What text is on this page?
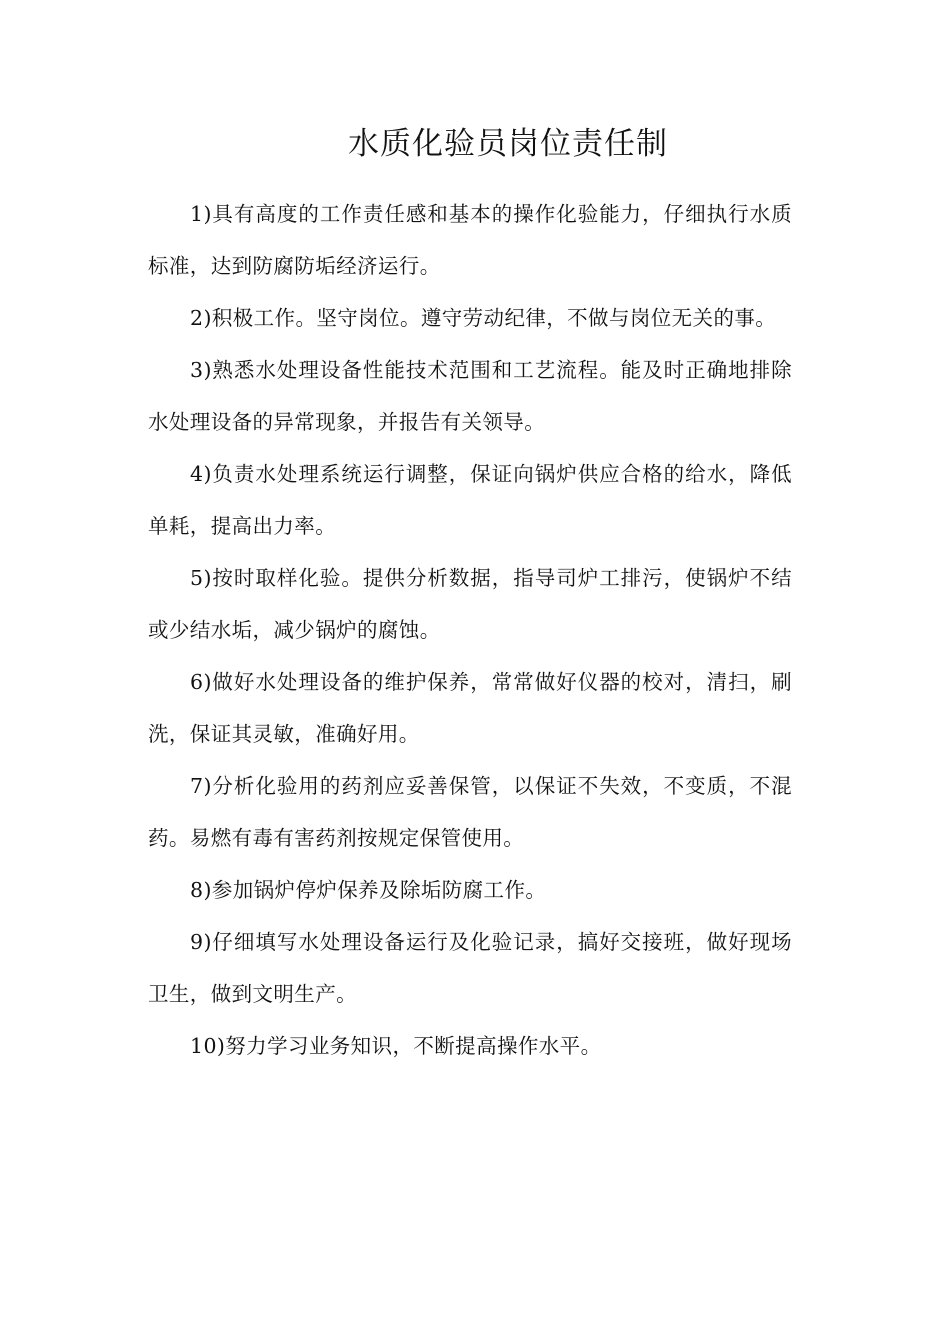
水质化验员岗位责任制

1)具有高度的工作责任感和基本的操作化验能力，仔细执行水质标准，达到防腐防垢经济运行。

2)积极工作。坚守岗位。遵守劳动纪律，不做与岗位无关的事。

3)熟悉水处理设备性能技术范围和工艺流程。能及时正确地排除水处理设备的异常现象，并报告有关领导。

4)负责水处理系统运行调整，保证向锅炉供应合格的给水，降低单耗，提高出力率。

5)按时取样化验。提供分析数据，指导司炉工排污，使锅炉不结或少结水垢，减少锅炉的腐蚀。

6)做好水处理设备的维护保养，常常做好仪器的校对，清扫，刷洗，保证其灵敏，准确好用。

7)分析化验用的药剂应妥善保管，以保证不失效，不变质，不混药。易燃有毒有害药剂按规定保管使用。

8)参加锅炉停炉保养及除垢防腐工作。

9)仔细填写水处理设备运行及化验记录，搞好交接班，做好现场卫生，做到文明生产。

10)努力学习业务知识，不断提高操作水平。
